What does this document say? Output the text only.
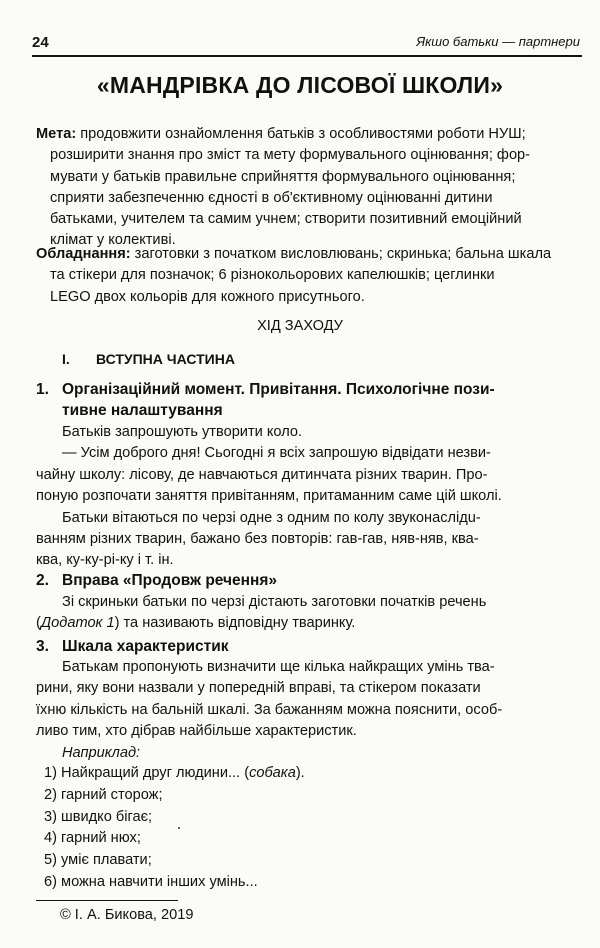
24	Якшо батьки — партнери
«МАНДРІВКА ДО ЛІСОВОЇ ШКОЛИ»

Мета: продовжити ознайомлення батьків з особливостями роботи НУШ;
розширити знання про зміст та мету формувального оцінювання; фор-
мувати у батьків правильне сприйняття формувального оцінювання;
сприяти забезпеченню єдності в об'єктивному оцінюванні дитини
батьками, учителем та самим учнем; створити позитивний емоційний
клімат у колективі.

Обладнання: заготовки з початком висловлювань; скринька; бальна шкала
та стікери для позначок; 6 різнокольорових капелюшків; цеглинки
LEGO двох кольорів для кожного присутнього.

ХІД ЗАХОДУ
I. ВСТУПНА ЧАСТИНА
1. Організаційний момент. Привітання. Психологічне пози-
тивне налаштування

Батьків запрошують утворити коло.

— Усім доброго дня! Сьогодні я всіх запрошую відвідати незви-

чайну школу: лісову, де навчаються дитинчата різних тварин. Про-

поную розпочати заняття привітанням, притаманним саме цій школі.

Батьки вітаються по черзі одне з одним по колу звуконаслідu-

ванням різних тварин, бажано без повторів: гав-гав, няв-няв, ква-

ква, ку-ку-рі-ку і т. ін.

2. Вправа «Продовж речення»

Зі скриньки батьки по черзі дістають заготовки початків речень

(Додаток 1) та називають відповідну тваринку.

3. Шкала характеристик

Батькам пропонують визначити ще кілька найкращих умінь тва-

рини, яку вони назвали у попередній вправі, та стікером показати

їхню кількість на бальній шкалі. За бажанням можна пояснити, особ-

ливо тим, хто дібрав найбільше характеристик.

Наприклад:

1) Найкращий друг людини... (собака).
2) гарний сторож;
3) швидко бігає;
4) гарний нюх;
5) уміє плавати;
6) можна навчити інших умінь...
© І. А. Бикова, 2019
